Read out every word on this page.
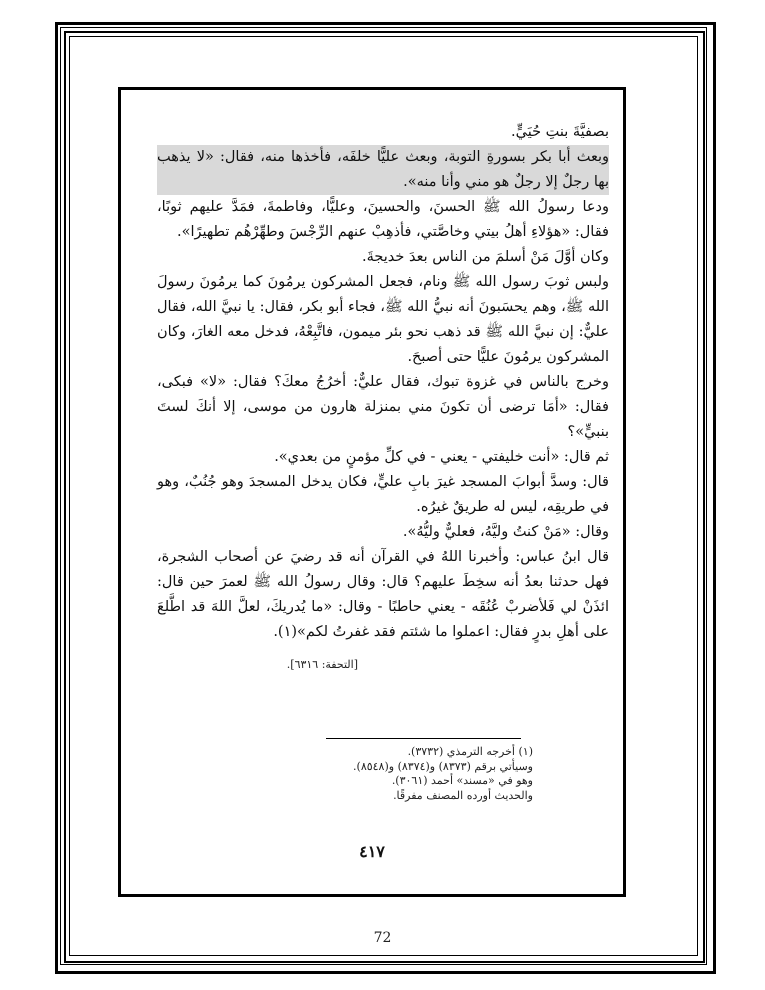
بصفيَّةَ بنتِ حُيَيٍّ.

وبعث أبا بكر بسورةِ التوبة، وبعث عليًّا خلفَه، فأخذها منه، فقال: «لا يذهب بها رجلٌ إلا رجلٌ هو مني وأنا منه».

ودعا رسولُ الله ﷺ الحسنَ، والحسينَ، وعليًّا، وفاطمةَ، فمَدَّ عليهم ثوبًا، فقال: «هؤلاءِ أهلُ بيتي وخاصَّتي، فأذهِبْ عنهم الرِّجْسَ وطهِّرْهُم تطهيرًا».

وكان أوَّلَ مَنْ أسلمَ من الناس بعدَ خديجةَ.

ولبس ثوبَ رسول الله ﷺ ونام، فجعل المشركون يرمُونَ كما يرمُونَ رسولَ الله ﷺ، وهم يحسَبونَ أنه نبيُّ الله ﷺ، فجاء أبو بكر، فقال: يا نبيَّ الله، فقال عليٌّ: إن نبيَّ الله ﷺ قد ذهب نحو بئر ميمون، فاتَّبِعْهُ، فدخل معه الغارَ، وكان المشركون يرمُونَ عليًّا حتى أصبحَ.

وخرج بالناس في غزوة تبوك، فقال عليٌّ: أخرُجُ معكَ؟ فقال: «لا» فبكى، فقال: «أمَا ترضى أن تكونَ مني بمنزلة هارون من موسى، إلا أنكَ لستَ بنبيٍّ»؟

ثم قال: «أنت خليفتي - يعني - في كلِّ مؤمنٍ من بعدي».

قال: وسدَّ أبوابَ المسجد غيرَ بابِ عليٍّ، فكان يدخل المسجدَ وهو جُنُبٌ، وهو في طريقِه، ليس له طريقٌ غيرُه.

وقال: «مَنْ كنتُ وليَّهُ، فعليٌّ وليُّهُ».

قال ابنُ عباس: وأخبرنا اللهُ في القرآن أنه قد رضيَ عن أصحاب الشجرة، فهل حدثنا بعدُ أنه سخِطَ عليهم؟ قال: وقال رسولُ الله ﷺ لعمرَ حين قال: ائذَنْ لي فَلأضربْ عُنُقَه - يعني حاطبًا - وقال: «ما يُدريكَ، لعلَّ اللهَ قد اطَّلعَ على أهلِ بدرٍ فقال: اعملوا ما شئتم فقد غفرتُ لكم»(١).

[التحفة: ٦٣١٦].
(١) أخرجه الترمذي (٣٧٣٢).
وسيأتي برقم (٨٣٧٣) و(٨٣٧٤) و(٨٥٤٨).
وهو في «مسند» أحمد (٣٠٦١).
والحديث أورده المصنف مفرقًا.
٤١٧
72
